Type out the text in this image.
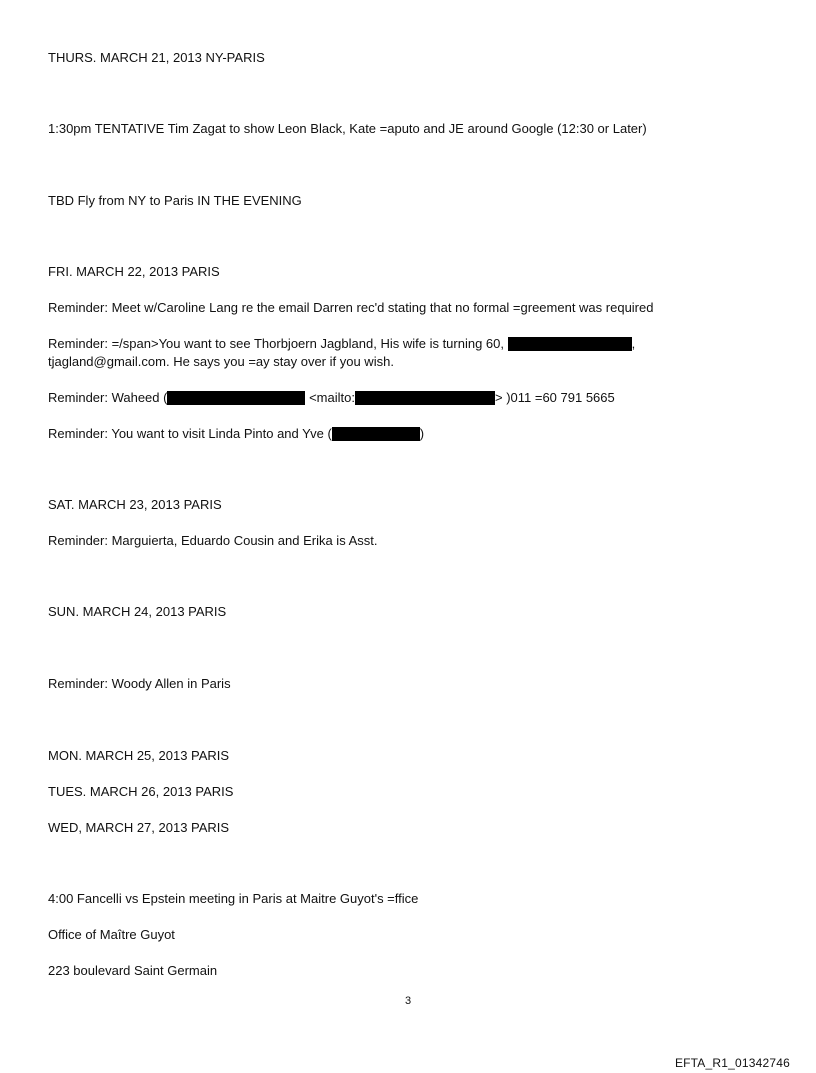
THURS. MARCH 21, 2013 NY-PARIS
1:30pm TENTATIVE Tim Zagat to show Leon Black, Kate =aputo and JE around Google (12:30 or Later)
TBD Fly from NY to Paris IN THE EVENING
FRI. MARCH 22, 2013 PARIS
Reminder: Meet w/Caroline Lang re the email Darren rec'd stating that no formal =greement was required
Reminder: =/span>You want to see Thorbjoern Jagbland, His wife is turning 60,	,
tjagland@gmail.com. He says you =ay stay over if you wish.
Reminder: Waheed (	<mailto:	> )011 =60 791 5665
Reminder: You want to visit Linda Pinto and Yve (	)
SAT. MARCH 23, 2013 PARIS
Reminder: Marguierta, Eduardo Cousin and Erika is Asst.
SUN. MARCH 24, 2013 PARIS
Reminder: Woody Allen in Paris
MON. MARCH 25, 2013 PARIS
TUES. MARCH 26, 2013 PARIS
WED, MARCH 27, 2013 PARIS
4:00 Fancelli vs Epstein meeting in Paris at Maitre Guyot's =ffice
Office of Maître Guyot
223 boulevard Saint Germain
3
EFTA_R1_01342746
